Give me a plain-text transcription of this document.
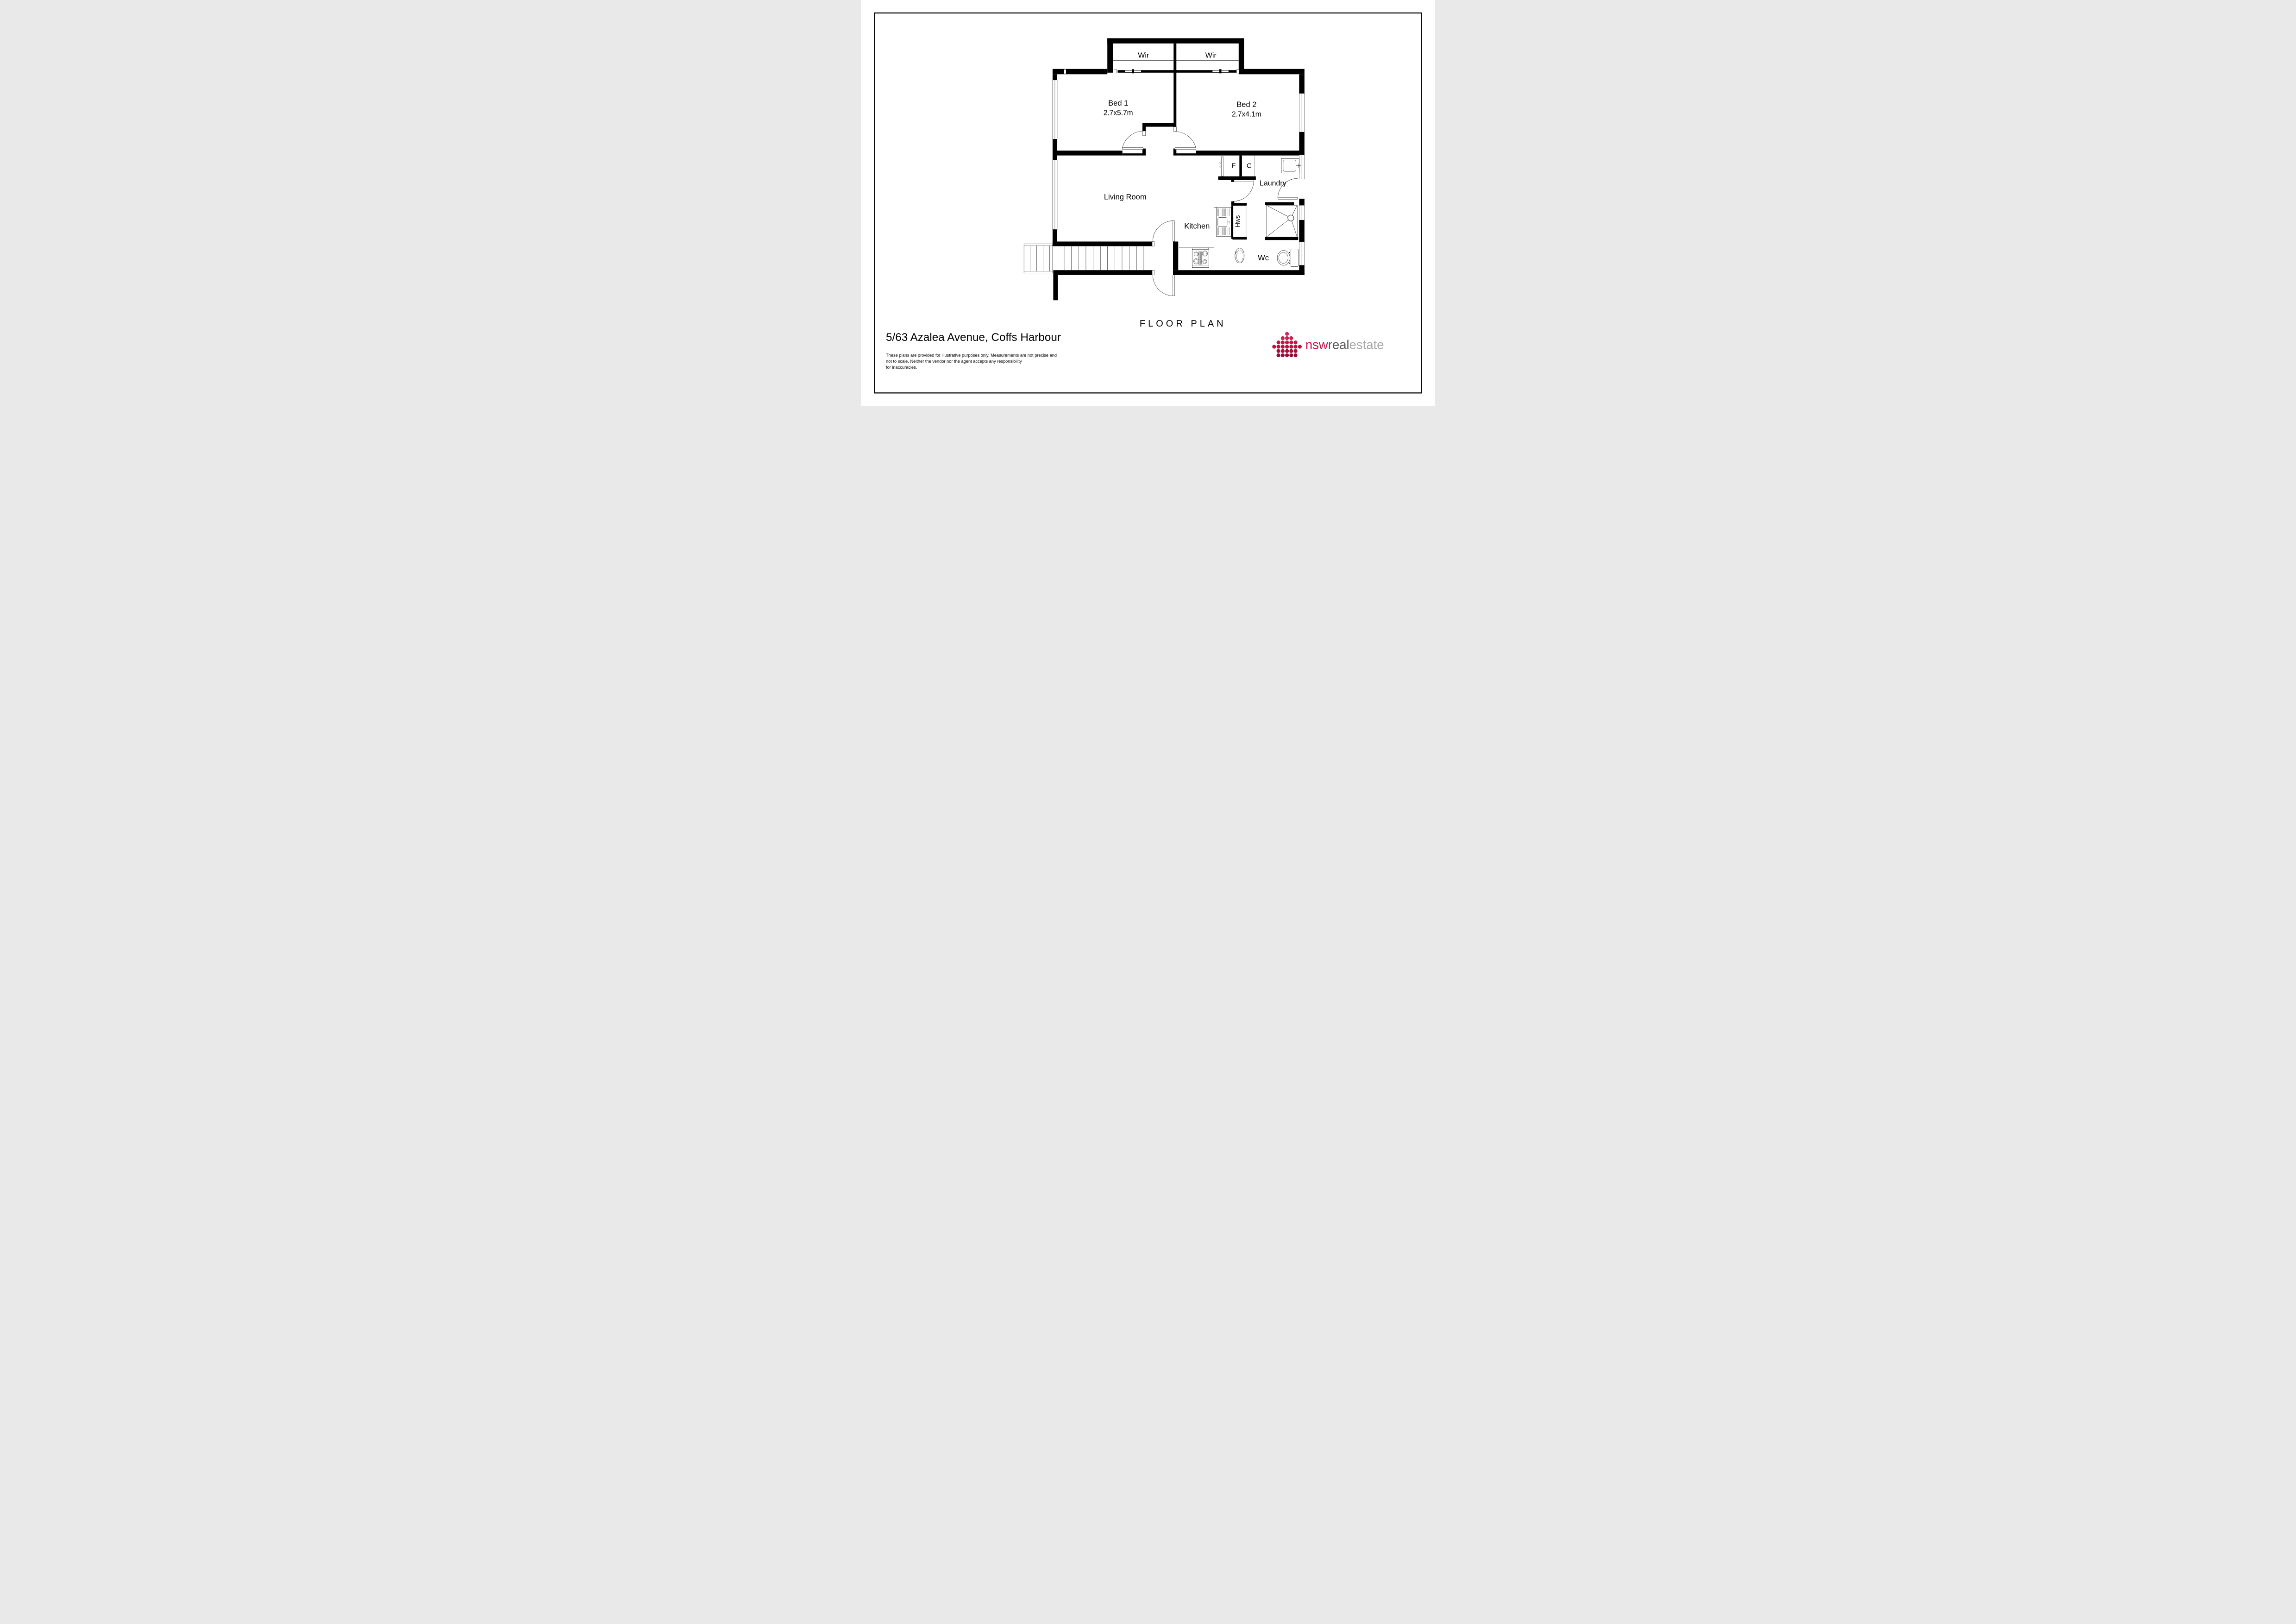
Wir Wir
Bed 1
2.7x5.7m
Bed 2
2.7x4.1m
Living Room
Kitchen
Laundry
F C
Hws
Wc
FLOOR PLAN
5/63 Azalea Avenue, Coffs Harbour
These plans are provided for illustrative purposes only. Measurements are not precise and
not to scale. Neither the vendor nor the agent accepts any responsibility
for inaccuracies.
nswrealestate
